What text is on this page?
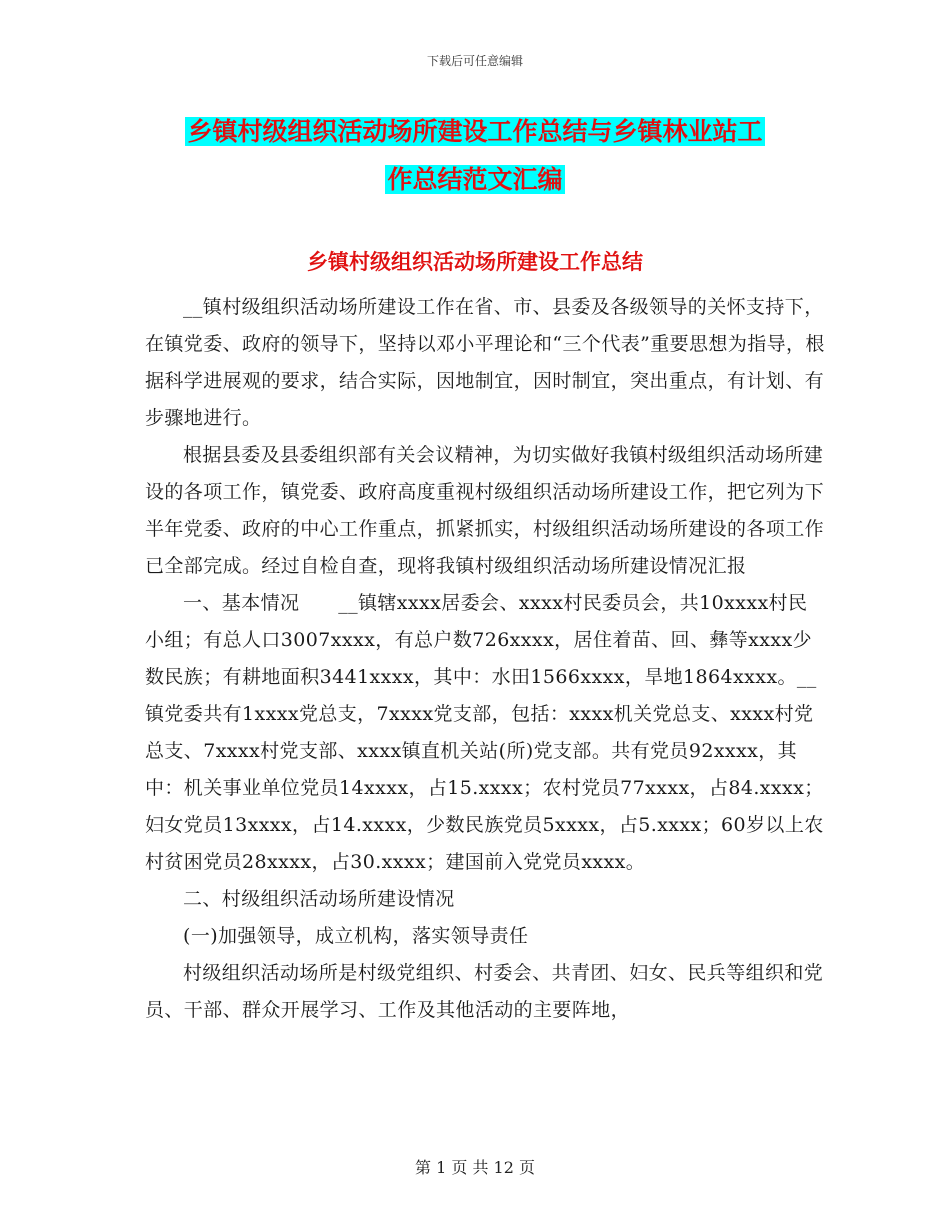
下载后可任意编辑
乡镇村级组织活动场所建设工作总结与乡镇林业站工
作总结范文汇编
乡镇村级组织活动场所建设工作总结

__镇村级组织活动场所建设工作在省、市、县委及各级领导的关怀支持下，在镇党委、政府的领导下，坚持以邓小平理论和“三个代表”重要思想为指导，根据科学进展观的要求，结合实际，因地制宜，因时制宜，突出重点，有计划、有步骤地进行。

根据县委及县委组织部有关会议精神，为切实做好我镇村级组织活动场所建设的各项工作，镇党委、政府高度重视村级组织活动场所建设工作，把它列为下半年党委、政府的中心工作重点，抓紧抓实，村级组织活动场所建设的各项工作已全部完成。经过自检自查，现将我镇村级组织活动场所建设情况汇报

一、基本情况　　__镇辖xxxx居委会、xxxx村民委员会，共10xxxx村民小组；有总人口3007xxxx，有总户数726xxxx，居住着苗、回、彝等xxxx少数民族；有耕地面积3441xxxx，其中：水田1566xxxx，旱地1864xxxx。__镇党委共有1xxxx党总支，7xxxx党支部，包括：xxxx机关党总支、xxxx村党总支、7xxxx村党支部、xxxx镇直机关站(所)党支部。共有党员92xxxx，其中：机关事业单位党员14xxxx，占15.xxxx；农村党员77xxxx，占84.xxxx；妇女党员13xxxx，占14.xxxx，少数民族党员5xxxx，占5.xxxx；60岁以上农村贫困党员28xxxx，占30.xxxx；建国前入党党员xxxx。

二、村级组织活动场所建设情况

(一)加强领导，成立机构，落实领导责任

村级组织活动场所是村级党组织、村委会、共青团、妇女、民兵等组织和党员、干部、群众开展学习、工作及其他活动的主要阵地，

第 1 页 共 12 页
